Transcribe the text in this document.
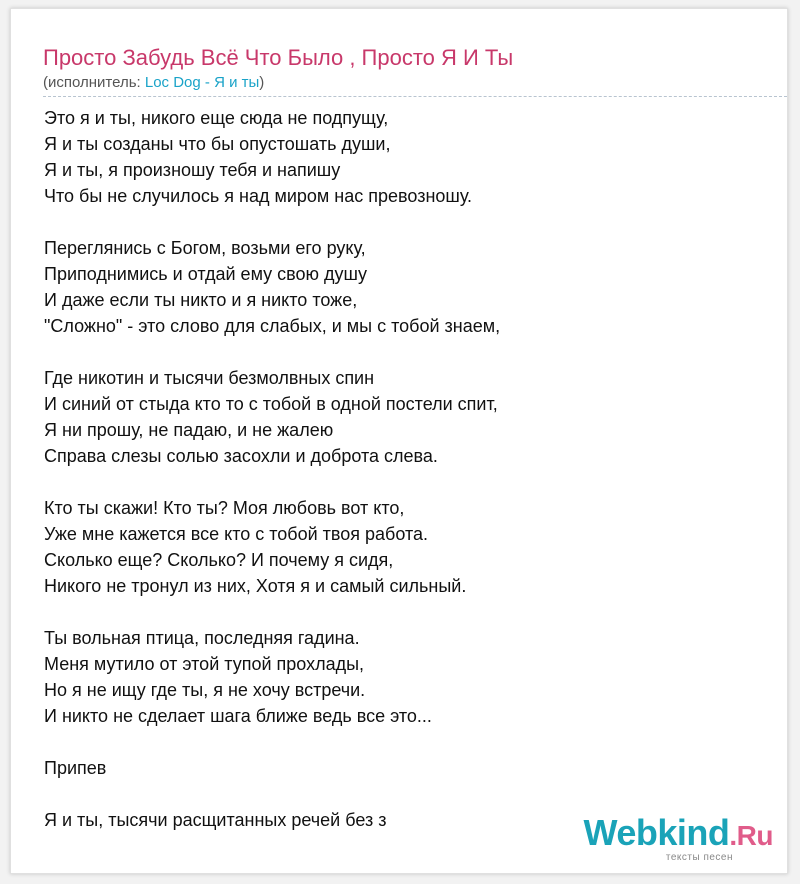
Просто Забудь Всё Что Было , Просто Я И Ты
(исполнитель: Loc Dog - Я и ты)
Это я и ты, никого еще сюда не подпущу,
Я и ты созданы что бы опустошать души,
Я и ты, я произношу тебя и напишу
Что бы не случилось я над миром нас превозношу.
Переглянись с Богом, возьми его руку,
Приподнимись и отдай ему свою душу
И даже если ты никто и я никто тоже,
"Сложно" - это слово для слабых, и мы с тобой знаем,
Где никотин и тысячи безмолвных спин
И синий от стыда кто то с тобой в одной постели спит,
Я ни прошу, не падаю, и не жалею
Справа слезы солью засохли и доброта слева.
Кто ты скажи! Кто ты? Моя любовь вот кто,
Уже мне кажется все кто с тобой твоя работа.
Сколько еще? Сколько? И почему я сидя,
Никого не тронул из них, Хотя я и самый сильный.
Ты вольная птица, последняя гадина.
Меня мутило от этой тупой прохлады,
Но я не ищу где ты, я не хочу встречи.
И никто не сделает шага ближе ведь все это...
Припев
Я и ты, тысячи расщитанных речей без з	Webkind.Ru
тексты песен
